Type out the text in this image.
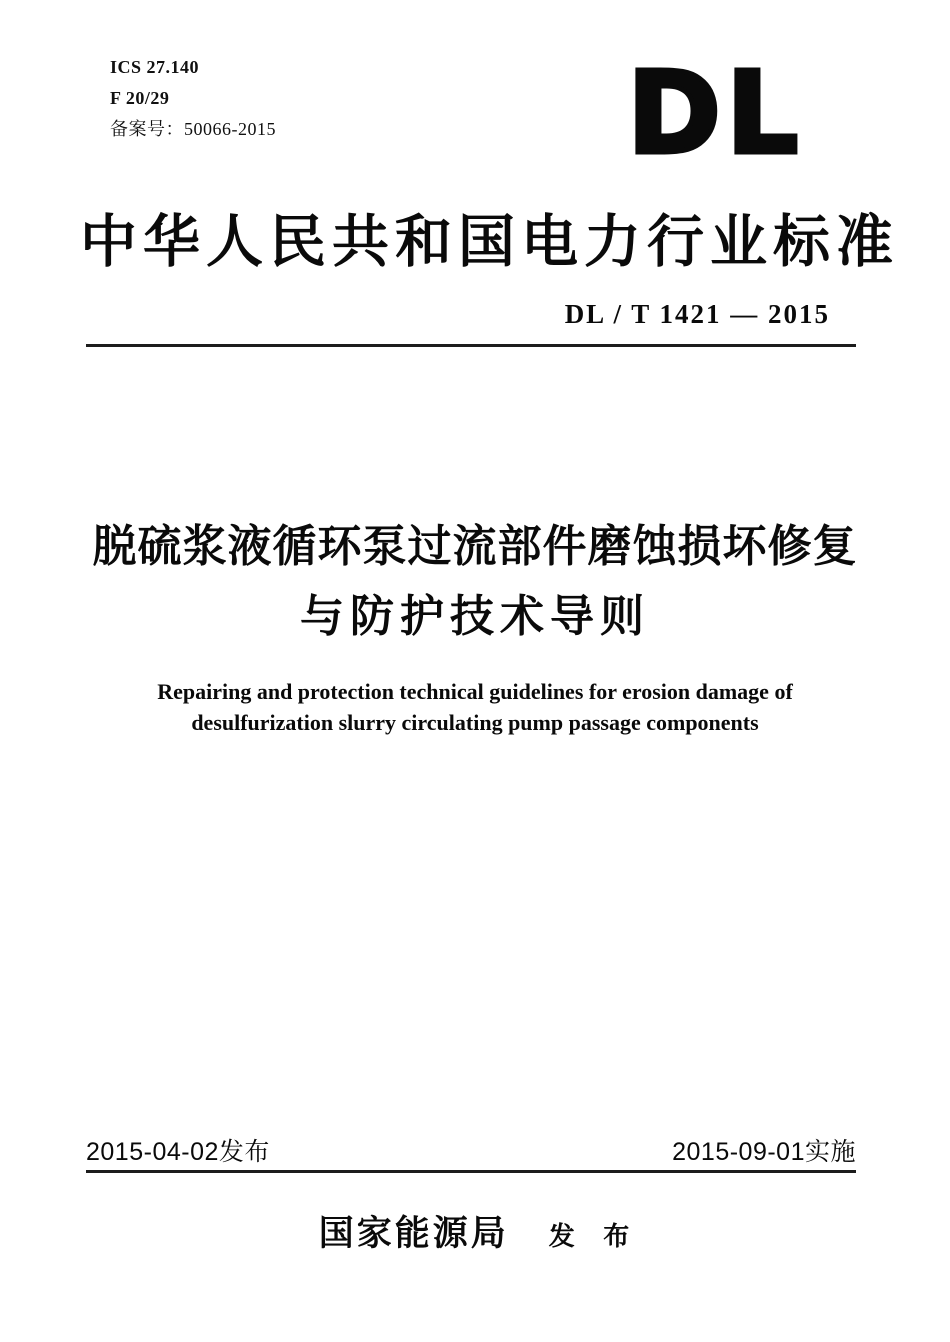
ICS 27.140
F 20/29
备案号：50066-2015	DL
中华人民共和国电力行业标准
DL / T 1421 — 2015
脱硫浆液循环泵过流部件磨蚀损坏修复
与防护技术导则
Repairing and protection technical guidelines for erosion damage of
desulfurization slurry circulating pump passage components
2015-04-02发布	2015-09-01实施
国家能源局 发 布
